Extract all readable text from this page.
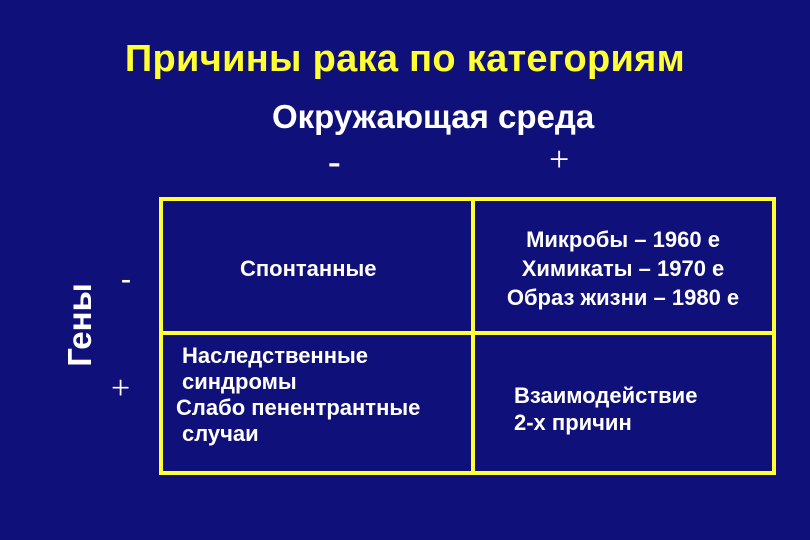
Причины рака по категориям
Окружающая среда
-	+
Гены
-
+
Спонтанные
Микробы – 1960 е
Химикаты – 1970 е
Образ жизни – 1980 е
Наследственные
синдромы
Слабо пенентрантные
случаи
Взаимодействие
2-х причин
